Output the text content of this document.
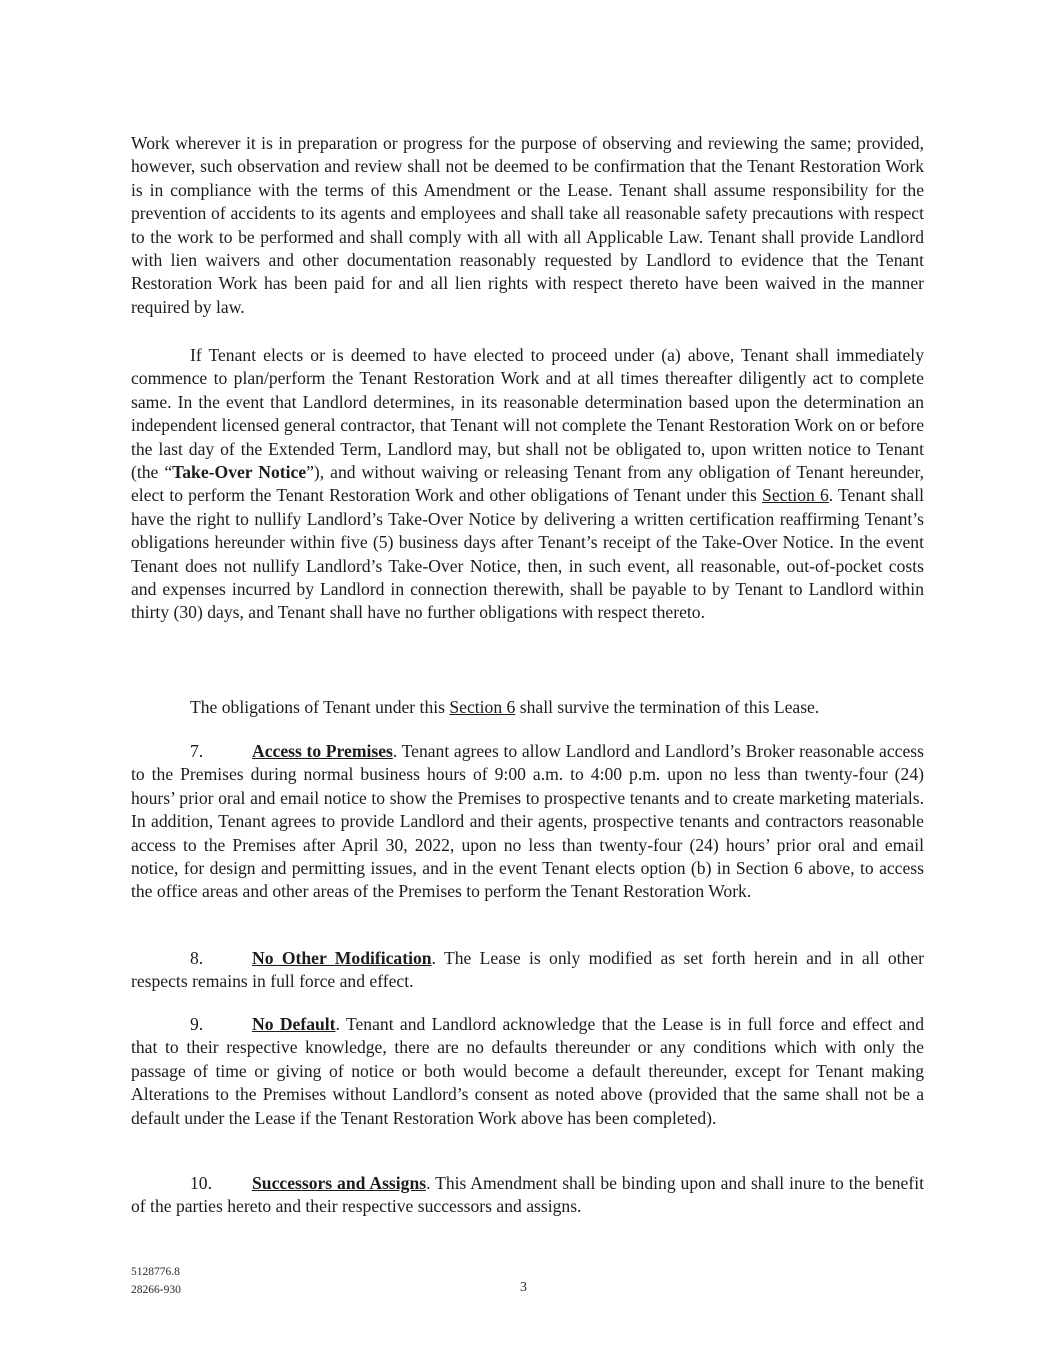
Work wherever it is in preparation or progress for the purpose of observing and reviewing the same; provided, however, such observation and review shall not be deemed to be confirmation that the Tenant Restoration Work is in compliance with the terms of this Amendment or the Lease. Tenant shall assume responsibility for the prevention of accidents to its agents and employees and shall take all reasonable safety precautions with respect to the work to be performed and shall comply with all with all Applicable Law. Tenant shall provide Landlord with lien waivers and other documentation reasonably requested by Landlord to evidence that the Tenant Restoration Work has been paid for and all lien rights with respect thereto have been waived in the manner required by law.

If Tenant elects or is deemed to have elected to proceed under (a) above, Tenant shall immediately commence to plan/perform the Tenant Restoration Work and at all times thereafter diligently act to complete same. In the event that Landlord determines, in its reasonable determination based upon the determination an independent licensed general contractor, that Tenant will not complete the Tenant Restoration Work on or before the last day of the Extended Term, Landlord may, but shall not be obligated to, upon written notice to Tenant (the “Take-Over Notice”), and without waiving or releasing Tenant from any obligation of Tenant hereunder, elect to perform the Tenant Restoration Work and other obligations of Tenant under this Section 6. Tenant shall have the right to nullify Landlord’s Take-Over Notice by delivering a written certification reaffirming Tenant’s obligations hereunder within five (5) business days after Tenant’s receipt of the Take-Over Notice. In the event Tenant does not nullify Landlord’s Take-Over Notice, then, in such event, all reasonable, out-of-pocket costs and expenses incurred by Landlord in connection therewith, shall be payable to by Tenant to Landlord within thirty (30) days, and Tenant shall have no further obligations with respect thereto.

The obligations of Tenant under this Section 6 shall survive the termination of this Lease.

7.	Access to Premises. Tenant agrees to allow Landlord and Landlord’s Broker reasonable access to the Premises during normal business hours of 9:00 a.m. to 4:00 p.m. upon no less than twenty-four (24) hours’ prior oral and email notice to show the Premises to prospective tenants and to create marketing materials. In addition, Tenant agrees to provide Landlord and their agents, prospective tenants and contractors reasonable access to the Premises after April 30, 2022, upon no less than twenty-four (24) hours’ prior oral and email notice, for design and permitting issues, and in the event Tenant elects option (b) in Section 6 above, to access the office areas and other areas of the Premises to perform the Tenant Restoration Work.

8.	No Other Modification. The Lease is only modified as set forth herein and in all other respects remains in full force and effect.

9.	No Default. Tenant and Landlord acknowledge that the Lease is in full force and effect and that to their respective knowledge, there are no defaults thereunder or any conditions which with only the passage of time or giving of notice or both would become a default thereunder, except for Tenant making Alterations to the Premises without Landlord’s consent as noted above (provided that the same shall not be a default under the Lease if the Tenant Restoration Work above has been completed).

10. Successors and Assigns. This Amendment shall be binding upon and shall inure to the benefit of the parties hereto and their respective successors and assigns.

5128776.8
28266-930	3
